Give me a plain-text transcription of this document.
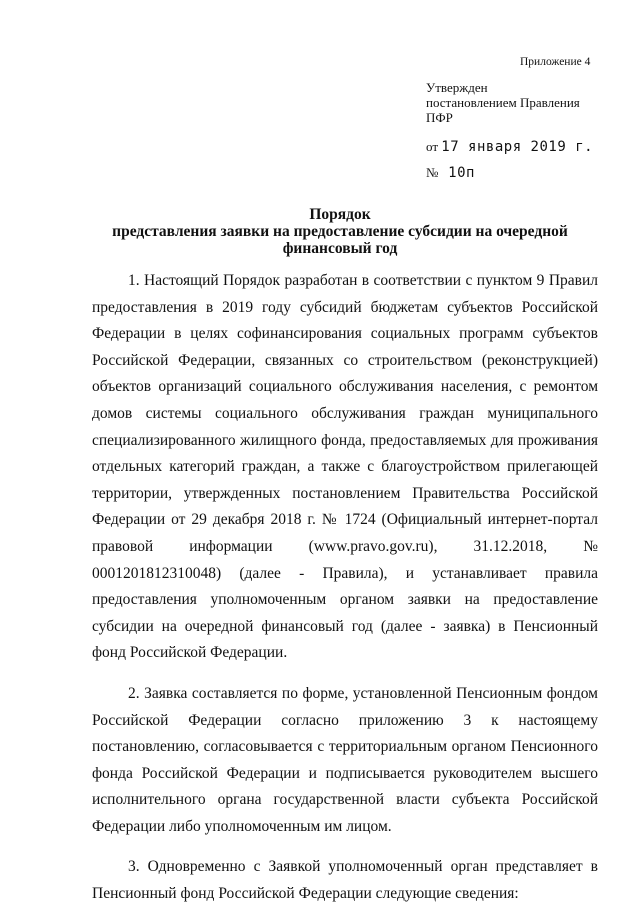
Приложение 4
Утвержден
постановлением Правления
ПФР
от 17 января 2019 г.
№ 10п
Порядок
представления заявки на предоставление субсидии на очередной
финансовый год

1. Настоящий Порядок разработан в соответствии с пунктом 9 Правил предоставления в 2019 году субсидий бюджетам субъектов Российской Федерации в целях софинансирования социальных программ субъектов Российской Федерации, связанных со строительством (реконструкцией) объектов организаций социального обслуживания населения, с ремонтом домов системы социального обслуживания граждан муниципального специализированного жилищного фонда, предоставляемых для проживания отдельных категорий граждан, а также с благоустройством прилегающей территории, утвержденных постановлением Правительства Российской Федерации от 29 декабря 2018 г. № 1724 (Официальный интернет-портал правовой информации (www.pravo.gov.ru), 31.12.2018, № 0001201812310048) (далее - Правила), и устанавливает правила предоставления уполномоченным органом заявки на предоставление субсидии на очередной финансовый год (далее - заявка) в Пенсионный фонд Российской Федерации.

2. Заявка составляется по форме, установленной Пенсионным фондом Российской Федерации согласно приложению 3 к настоящему постановлению, согласовывается с территориальным органом Пенсионного фонда Российской Федерации и подписывается руководителем высшего исполнительного органа государственной власти субъекта Российской Федерации либо уполномоченным им лицом.

3. Одновременно с Заявкой уполномоченный орган представляет в Пенсионный фонд Российской Федерации следующие сведения:
